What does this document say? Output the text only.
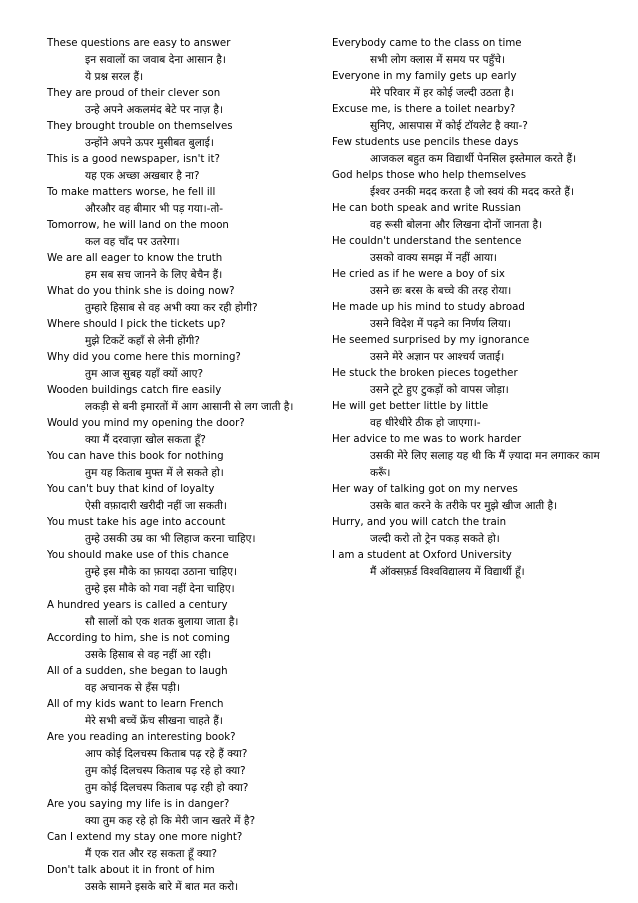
These questions are easy to answer
इन सवालों का जवाब देना आसान है।
ये प्रश्न सरल हैं।
They are proud of their clever son
उन्हे अपने अकलमंद बेटे पर नाज़ है।
They brought trouble on themselves
उन्होंने अपने ऊपर मुसीबत बुलाई।
This is a good newspaper, isn't it?
यह एक अच्छा अखबार है ना?
To make matters worse, he fell ill
औरऔर वह बीमार भी पड़ गया।-तो-
Tomorrow, he will land on the moon
कल वह चाँद पर उतरेगा।
We are all eager to know the truth
हम सब सच जानने के लिए बेचैन हैं।
What do you think she is doing now?
तुम्हारे हिसाब से वह अभी क्या कर रही होगी?
Where should I pick the tickets up?
मुझे टिकटें कहाँ से लेनी होंगी?
Why did you come here this morning?
तुम आज सुबह यहाँ क्यों आए?
Wooden buildings catch fire easily
लकड़ी से बनी इमारतों में आग आसानी से लग जाती है।
Would you mind my opening the door?
क्या मैं दरवाज़ा खोल सकता हूँ?
You can have this book for nothing
तुम यह किताब मुफ्त में ले सकते हो।
You can't buy that kind of loyalty
ऐसी वफ़ादारी खरीदी नहीं जा सकती।
You must take his age into account
तुम्हे उसकी उम्र का भी लिहाज करना चाहिए।
You should make use of this chance
तुम्हे इस मौके का फ़ायदा उठाना चाहिए।
तुम्हे इस मौके को गवा नहीं देना चाहिए।
A hundred years is called a century
सौ सालों को एक शतक बुलाया जाता है।
According to him, she is not coming
उसके हिसाब से वह नहीं आ रही।
All of a sudden, she began to laugh
वह अचानक से हँस पड़ी।
All of my kids want to learn French
मेरे सभी बच्चें फ्रेंच सीखना चाहते हैं।
Are you reading an interesting book?
आप कोई दिलचस्प किताब पढ़ रहे हैं क्या?
तुम कोई दिलचस्प किताब पढ़ रहे हो क्या?
तुम कोई दिलचस्प किताब पढ़ रही हो क्या?
Are you saying my life is in danger?
क्या तुम कह रहे हो कि मेरी जान खतरे में है?
Can I extend my stay one more night?
मैं एक रात और रह सकता हूँ क्या?
Don't talk about it in front of him
उसके सामने इसके बारे में बात मत करो।
Everybody came to the class on time
सभी लोग क्लास में समय पर पहुँचे।
Everyone in my family gets up early
मेरे परिवार में हर कोई जल्दी उठता है।
Excuse me, is there a toilet nearby?
सुनिए, आसपास में कोई टॉयलेट है क्या-?
Few students use pencils these days
आजकल बहुत कम विद्यार्थी पेनसिल इस्तेमाल करते हैं।
God helps those who help themselves
ईश्वर उनकी मदद करता है जो स्वयं की मदद करते हैं।
He can both speak and write Russian
वह रूसी बोलना और लिखना दोनों जानता है।
He couldn't understand the sentence
उसको वाक्य समझ में नहीं आया।
He cried as if he were a boy of six
उसने छः बरस के बच्चे की तरह रोया।
He made up his mind to study abroad
उसने विदेश में पढ़ने का निर्णय लिया।
He seemed surprised by my ignorance
उसने मेरे अज्ञान पर आश्चर्य जताई।
He stuck the broken pieces together
उसने टूटे हुए टुकड़ों को वापस जोड़ा।
He will get better little by little
वह धीरेधीरे ठीक हो जाएगा।-
Her advice to me was to work harder
उसकी मेरे लिए सलाह यह थी कि मैं ज़्यादा मन लगाकर काम करूँ।
Her way of talking got on my nerves
उसके बात करने के तरीके पर मुझे खीज आती है।
Hurry, and you will catch the train
जल्दी करो तो ट्रेन पकड़ सकते हो।
I am a student at Oxford University
मैं ऑक्सफ़र्ड विश्वविद्यालय में विद्यार्थी हूँ।
